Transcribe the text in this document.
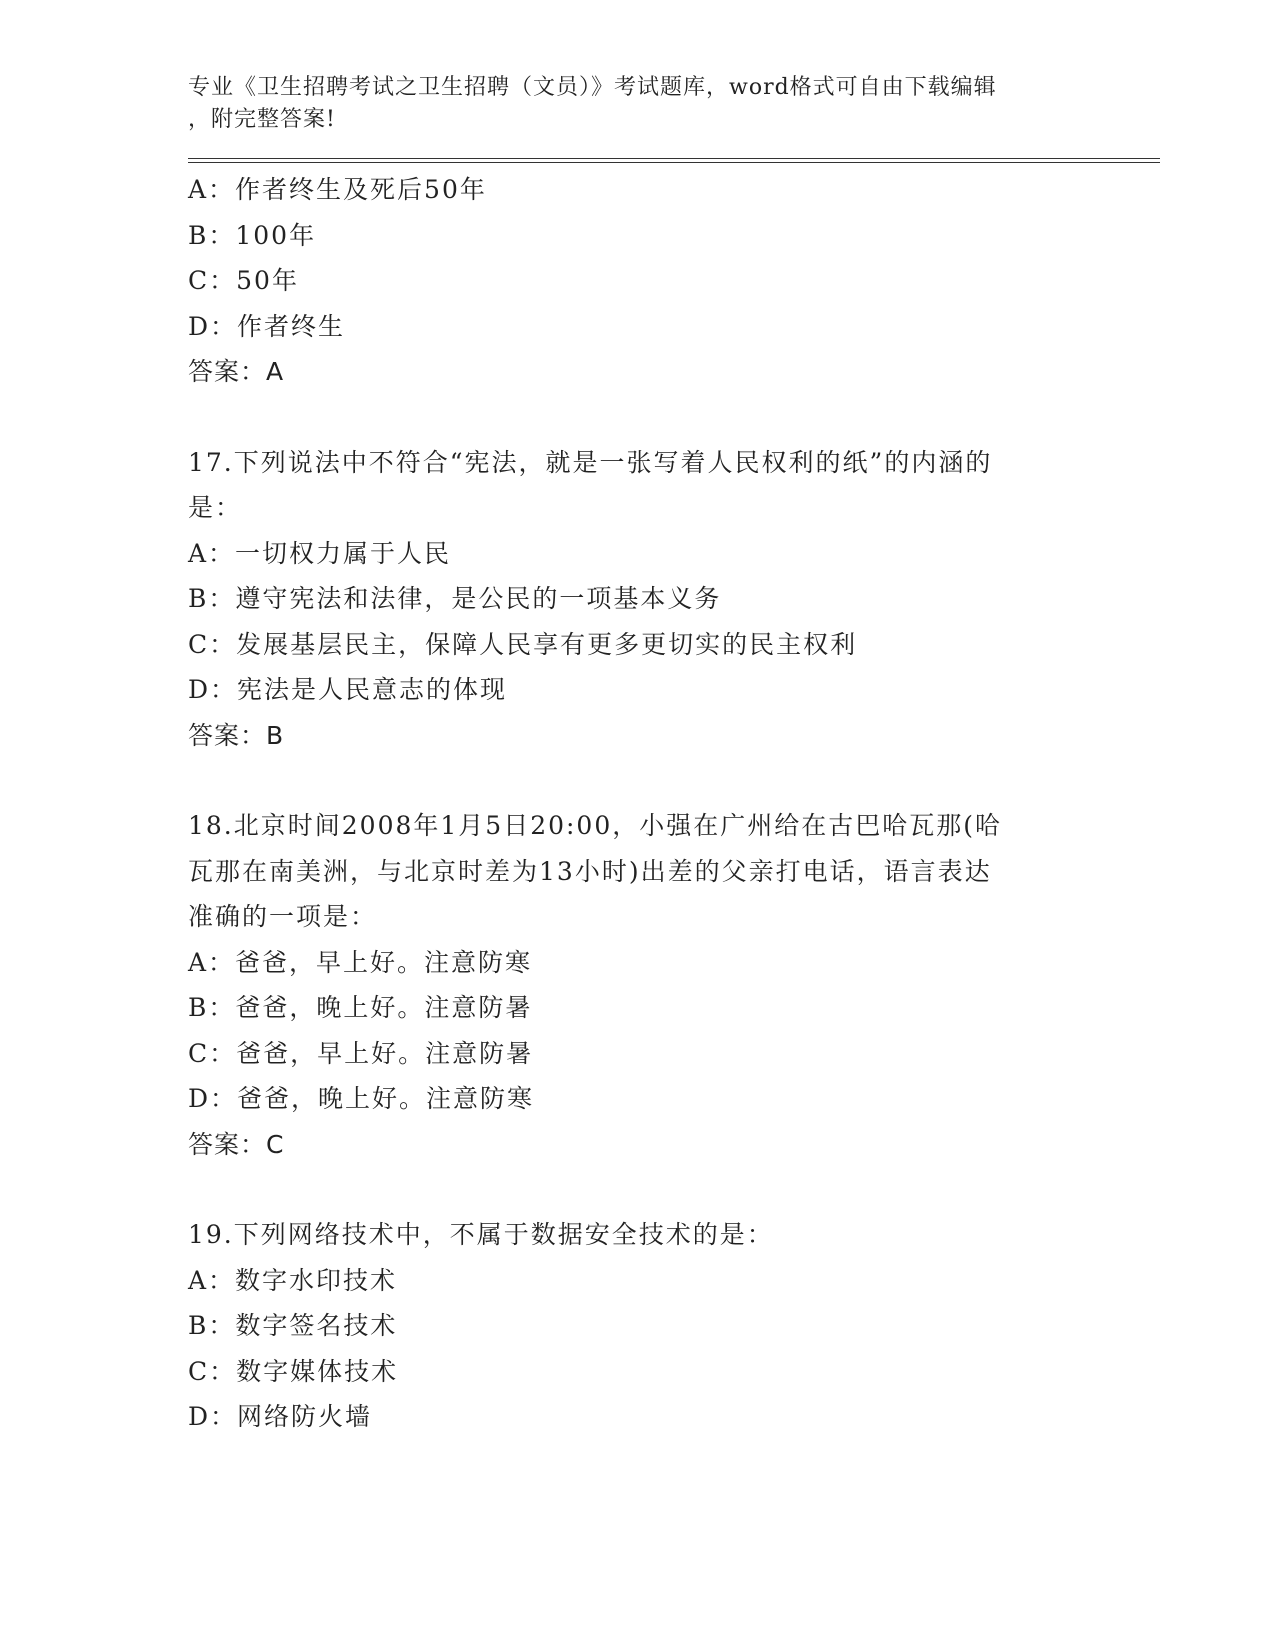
专业《卫生招聘考试之卫生招聘（文员）》考试题库，word格式可自由下载编辑
，附完整答案!
A：作者终生及死后50年
B：100年
C：50年
D：作者终生
答案：A
17.下列说法中不符合“宪法，就是一张写着人民权利的纸”的内涵的
是：
A：一切权力属于人民
B：遵守宪法和法律，是公民的一项基本义务
C：发展基层民主，保障人民享有更多更切实的民主权利
D：宪法是人民意志的体现
答案：B
18.北京时间2008年1月5日20:00，小强在广州给在古巴哈瓦那(哈
瓦那在南美洲，与北京时差为13小时)出差的父亲打电话，语言表达
准确的一项是：
A：爸爸，早上好。注意防寒
B：爸爸，晚上好。注意防暑
C：爸爸，早上好。注意防暑
D：爸爸，晚上好。注意防寒
答案：C
19.下列网络技术中，不属于数据安全技术的是：
A：数字水印技术
B：数字签名技术
C：数字媒体技术
D：网络防火墙
